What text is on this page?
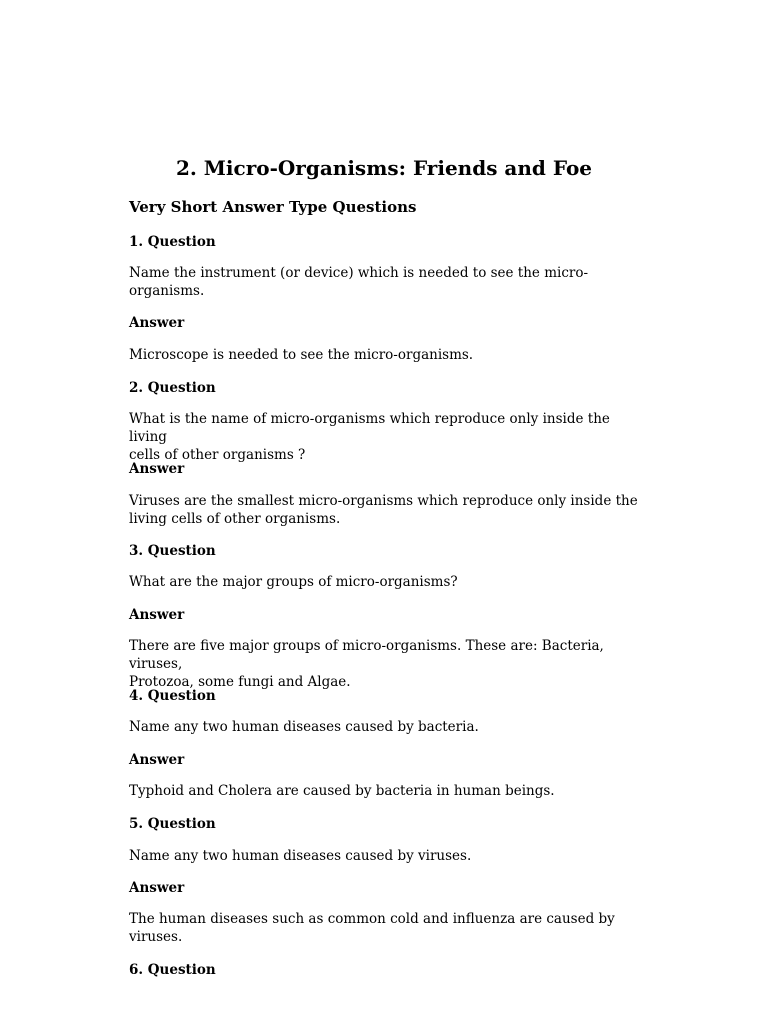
2. Micro-Organisms: Friends and Foe
Very Short Answer Type Questions
1. Question
Name the instrument (or device) which is needed to see the micro-
organisms.
Answer
Microscope is needed to see the micro-organisms.
2. Question
What is the name of micro-organisms which reproduce only inside the living
cells of other organisms ?
Answer
Viruses are the smallest micro-organisms which reproduce only inside the
living cells of other organisms.
3. Question
What are the major groups of micro-organisms?
Answer
There are five major groups of micro-organisms. These are: Bacteria, viruses,
Protozoa, some fungi and Algae.
4. Question
Name any two human diseases caused by bacteria.
Answer
Typhoid and Cholera are caused by bacteria in human beings.
5. Question
Name any two human diseases caused by viruses.
Answer
The human diseases such as common cold and influenza are caused by
viruses.
6. Question
